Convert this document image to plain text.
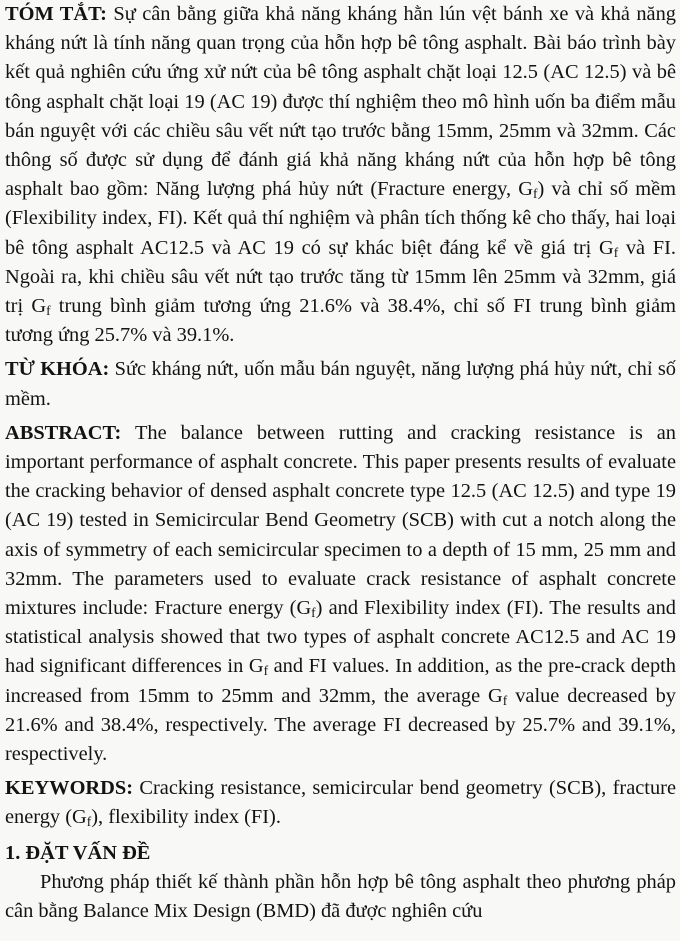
TÓM TẮT: Sự cân bằng giữa khả năng kháng hằn lún vệt bánh xe và khả năng kháng nứt là tính năng quan trọng của hỗn hợp bê tông asphalt. Bài báo trình bày kết quả nghiên cứu ứng xử nứt của bê tông asphalt chặt loại 12.5 (AC 12.5) và bê tông asphalt chặt loại 19 (AC 19) được thí nghiệm theo mô hình uốn ba điểm mẫu bán nguyệt với các chiều sâu vết nứt tạo trước bằng 15mm, 25mm và 32mm. Các thông số được sử dụng để đánh giá khả năng kháng nứt của hỗn hợp bê tông asphalt bao gồm: Năng lượng phá hủy nứt (Fracture energy, $G_f$) và chỉ số mềm (Flexibility index, FI). Kết quả thí nghiệm và phân tích thống kê cho thấy, hai loại bê tông asphalt AC12.5 và AC 19 có sự khác biệt đáng kể về giá trị $G_f$ và FI. Ngoài ra, khi chiều sâu vết nứt tạo trước tăng từ 15mm lên 25mm và 32mm, giá trị $G_f$ trung bình giảm tương ứng 21.6% và 38.4%, chỉ số FI trung bình giảm tương ứng 25.7% và 39.1%.

TỪ KHÓA: Sức kháng nứt, uốn mẫu bán nguyệt, năng lượng phá hủy nứt, chỉ số mềm.

ABSTRACT: The balance between rutting and cracking resistance is an important performance of asphalt concrete. This paper presents results of evaluate the cracking behavior of densed asphalt concrete type 12.5 (AC 12.5) and type 19 (AC 19) tested in Semicircular Bend Geometry (SCB) with cut a notch along the axis of symmetry of each semicircular specimen to a depth of 15 mm, 25 mm and 32mm. The parameters used to evaluate crack resistance of asphalt concrete mixtures include: Fracture energy $(G_f)$ and Flexibility index (FI). The results and statistical analysis showed that two types of asphalt concrete AC12.5 and AC 19 had significant differences in $G_f$ and FI values. In addition, as the pre-crack depth increased from 15mm to 25mm and 32mm, the average $G_f$ value decreased by 21.6% and 38.4%, respectively. The average FI decreased by 25.7% and 39.1%, respectively.

KEYWORDS: Cracking resistance, semicircular bend geometry (SCB), fracture energy $(G_f)$, flexibility index (FI).

1. ĐẶT VẤN ĐỀ

Phương pháp thiết kế thành phần hỗn hợp bê tông asphalt theo phương pháp cân bằng Balance Mix Design (BMD) đã được nghiên cứu
